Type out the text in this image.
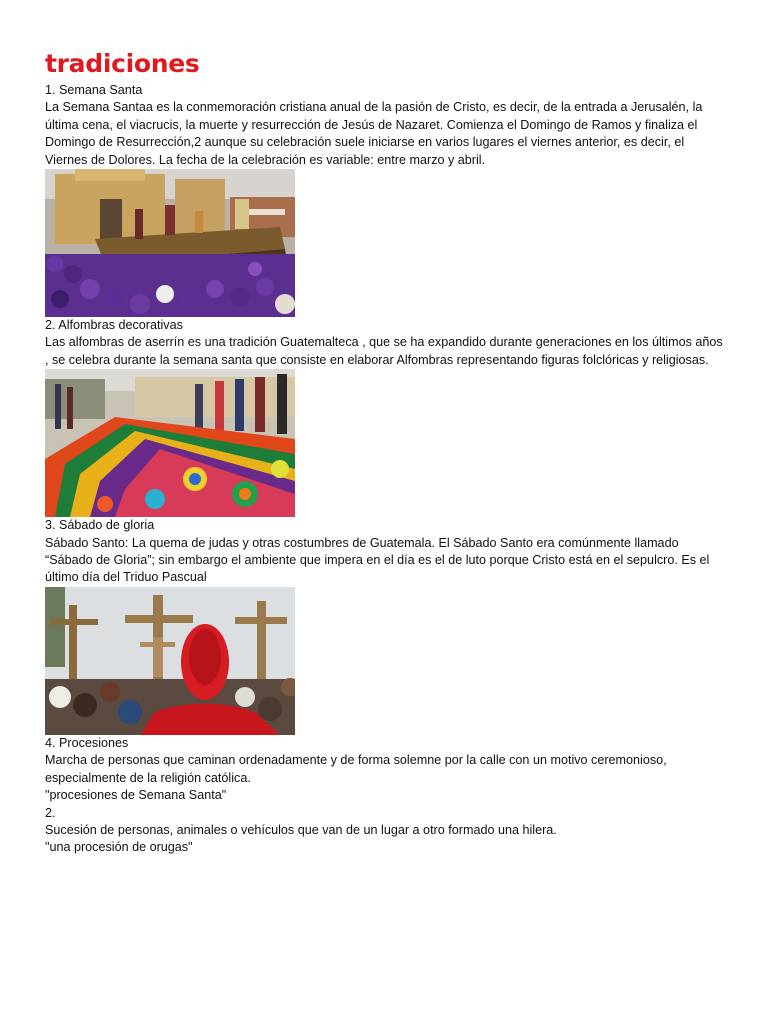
tradiciones

1. Semana Santa

La Semana Santaa es la conmemoración cristiana anual de la pasión de Cristo, es decir, de la entrada a Jerusalén, la última cena, el viacrucis, la muerte y resurrección de Jesús de Nazaret. Comienza el Domingo de Ramos y finaliza el Domingo de Resurrección,2 aunque su celebración suele iniciarse en varios lugares el viernes anterior, es decir, el Viernes de Dolores. La fecha de la celebración es variable: entre marzo y abril.

2. Alfombras decorativas

Las alfombras de aserrín es una tradición Guatemalteca , que se ha expandido durante generaciones en los últimos años , se celebra durante la semana santa que consiste en elaborar Alfombras representando figuras folclóricas y religiosas.

3. Sábado de gloria

Sábado Santo: La quema de judas y otras costumbres de Guatemala. El Sábado Santo era comúnmente llamado “Sábado de Gloria”; sin embargo el ambiente que impera en el día es el de luto porque Cristo está en el sepulcro. Es el último día del Triduo Pascual

4. Procesiones

Marcha de personas que caminan ordenadamente y de forma solemne por la calle con un motivo ceremonioso, especialmente de la religión católica.

"procesiones de Semana Santa"

2.

Sucesión de personas, animales o vehículos que van de un lugar a otro formado una hilera.

"una procesión de orugas"
